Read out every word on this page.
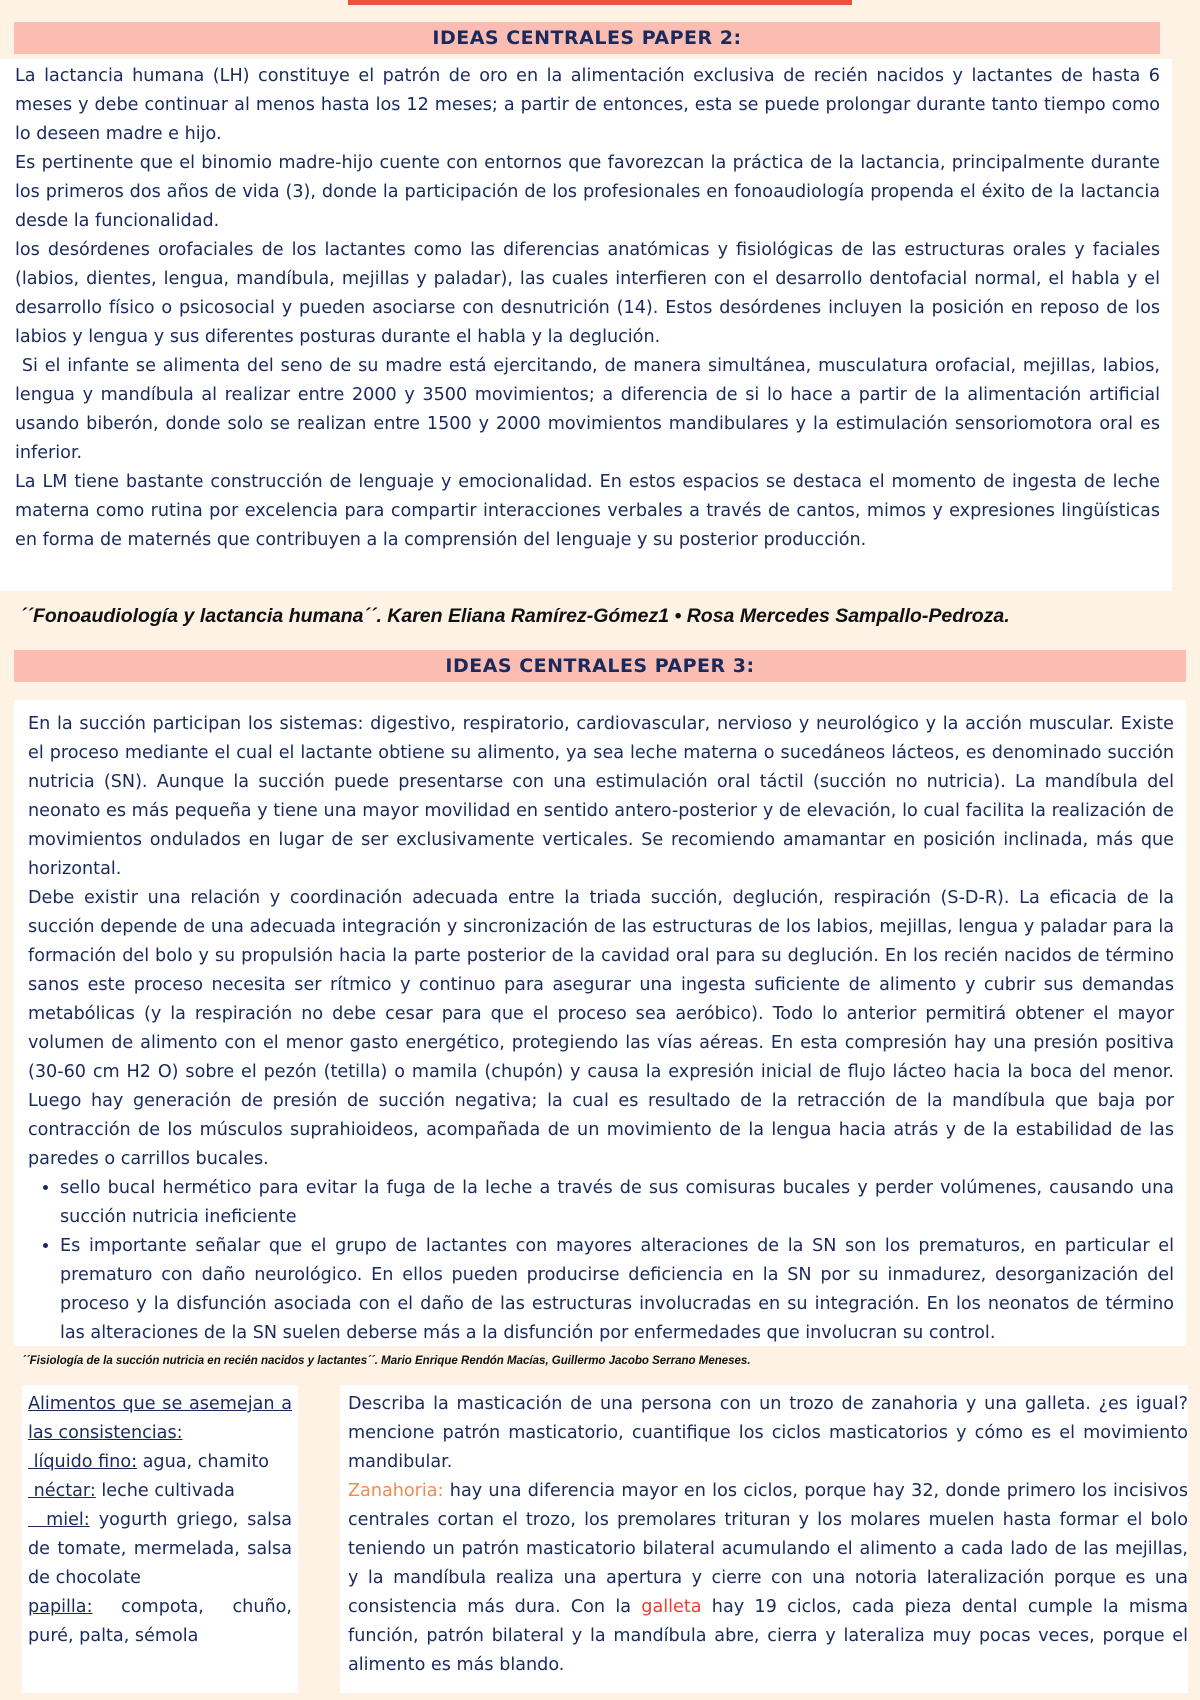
IDEAS CENTRALES PAPER 2:

La lactancia humana (LH) constituye el patrón de oro en la alimentación exclusiva de recién nacidos y lactantes de hasta 6 meses y debe continuar al menos hasta los 12 meses; a partir de entonces, esta se puede prolongar durante tanto tiempo como lo deseen madre e hijo.

Es pertinente que el binomio madre-hijo cuente con entornos que favorezcan la práctica de la lactancia, principalmente durante los primeros dos años de vida (3), donde la participación de los profesionales en fonoaudiología propenda el éxito de la lactancia desde la funcionalidad.

los desórdenes orofaciales de los lactantes como las diferencias anatómicas y fisiológicas de las estructuras orales y faciales (labios, dientes, lengua, mandíbula, mejillas y paladar), las cuales interfieren con el desarrollo dentofacial normal, el habla y el desarrollo físico o psicosocial y pueden asociarse con desnutrición (14). Estos desórdenes incluyen la posición en reposo de los labios y lengua y sus diferentes posturas durante el habla y la deglución.

Si el infante se alimenta del seno de su madre está ejercitando, de manera simultánea, musculatura orofacial, mejillas, labios, lengua y mandíbula al realizar entre 2000 y 3500 movimientos; a diferencia de si lo hace a partir de la alimentación artificial usando biberón, donde solo se realizan entre 1500 y 2000 movimientos mandibulares y la estimulación sensoriomotora oral es inferior.

La LM tiene bastante construcción de lenguaje y emocionalidad. En estos espacios se destaca el momento de ingesta de leche materna como rutina por excelencia para compartir interacciones verbales a través de cantos, mimos y expresiones lingüísticas en forma de maternés que contribuyen a la comprensión del lenguaje y su posterior producción.

´´Fonoaudiología y lactancia humana´´. Karen Eliana Ramírez-Gómez1 • Rosa Mercedes Sampallo-Pedroza.
IDEAS CENTRALES PAPER 3:

En la succión participan los sistemas: digestivo, respiratorio, cardiovascular, nervioso y neurológico y la acción muscular. Existe el proceso mediante el cual el lactante obtiene su alimento, ya sea leche materna o sucedáneos lácteos, es denominado succión nutricia (SN). Aunque la succión puede presentarse con una estimulación oral táctil (succión no nutricia). La mandíbula del neonato es más pequeña y tiene una mayor movilidad en sentido antero-posterior y de elevación, lo cual facilita la realización de movimientos ondulados en lugar de ser exclusivamente verticales. Se recomiendo amamantar en posición inclinada, más que horizontal.

Debe existir una relación y coordinación adecuada entre la triada succión, deglución, respiración (S-D-R). La eficacia de la succión depende de una adecuada integración y sincronización de las estructuras de los labios, mejillas, lengua y paladar para la formación del bolo y su propulsión hacia la parte posterior de la cavidad oral para su deglución. En los recién nacidos de término sanos este proceso necesita ser rítmico y continuo para asegurar una ingesta suficiente de alimento y cubrir sus demandas metabólicas (y la respiración no debe cesar para que el proceso sea aeróbico). Todo lo anterior permitirá obtener el mayor volumen de alimento con el menor gasto energético, protegiendo las vías aéreas. En esta compresión hay una presión positiva (30-60 cm H2 O) sobre el pezón (tetilla) o mamila (chupón) y causa la expresión inicial de flujo lácteo hacia la boca del menor. Luego hay generación de presión de succión negativa; la cual es resultado de la retracción de la mandíbula que baja por contracción de los músculos suprahioideos, acompañada de un movimiento de la lengua hacia atrás y de la estabilidad de las paredes o carrillos bucales.

• sello bucal hermético para evitar la fuga de la leche a través de sus comisuras bucales y perder volúmenes, causando una succión nutricia ineficiente
• Es importante señalar que el grupo de lactantes con mayores alteraciones de la SN son los prematuros, en particular el prematuro con daño neurológico. En ellos pueden producirse deficiencia en la SN por su inmadurez, desorganización del proceso y la disfunción asociada con el daño de las estructuras involucradas en su integración. En los neonatos de término las alteraciones de la SN suelen deberse más a la disfunción por enfermedades que involucran su control.
´´Fisiología de la succión nutricia en recién nacidos y lactantes´´. Mario Enrique Rendón Macías, Guillermo Jacobo Serrano Meneses.

Alimentos que se asemejan a las consistencias:

líquido fino: agua, chamito

néctar: leche cultivada

miel: yogurth griego, salsa de tomate, mermelada, salsa de chocolate

papilla: compota, chuño, puré, palta, sémola

Describa la masticación de una persona con un trozo de zanahoria y una galleta. ¿es igual? mencione patrón masticatorio, cuantifique los ciclos masticatorios y cómo es el movimiento mandibular.

Zanahoria: hay una diferencia mayor en los ciclos, porque hay 32, donde primero los incisivos centrales cortan el trozo, los premolares trituran y los molares muelen hasta formar el bolo teniendo un patrón masticatorio bilateral acumulando el alimento a cada lado de las mejillas, y la mandíbula realiza una apertura y cierre con una notoria lateralización porque es una consistencia más dura. Con la galleta hay 19 ciclos, cada pieza dental cumple la misma función, patrón bilateral y la mandíbula abre, cierra y lateraliza muy pocas veces, porque el alimento es más blando.
